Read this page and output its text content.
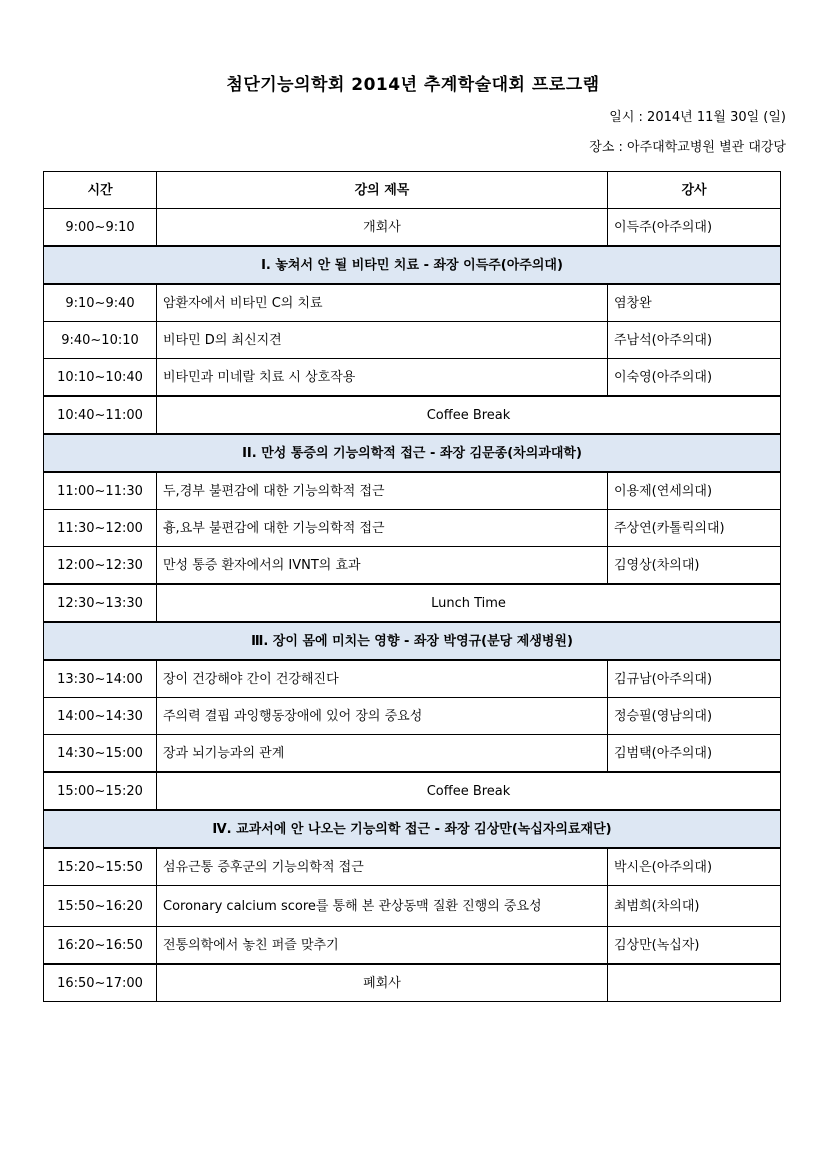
첨단기능의학회 2014년 추계학술대회 프로그램
일시 : 2014년 11월 30일 (일)
장소 : 아주대학교병원 별관 대강당
시간	강의 제목	강사
9:00~9:10	개회사	이득주(아주의대)
Ⅰ. 놓쳐서 안 될 비타민 치료 - 좌장 이득주(아주의대)		
9:10~9:40	암환자에서 비타민 C의 치료	염창완
9:40~10:10	비타민 D의 최신지견	주남석(아주의대)
10:10~10:40	비타민과 미네랄 치료 시 상호작용	이숙영(아주의대)
10:40~11:00	Coffee Break	
II. 만성 통증의 기능의학적 접근 - 좌장 김문종(차의과대학)		
11:00~11:30	두,경부 불편감에 대한 기능의학적 접근	이용제(연세의대)
11:30~12:00	흉,요부 불편감에 대한 기능의학적 접근	주상연(카톨릭의대)
12:00~12:30	만성 통증 환자에서의 IVNT의 효과	김영상(차의대)
12:30~13:30	Lunch Time	
Ⅲ. 장이 몸에 미치는 영향 - 좌장 박영규(분당 제생병원)		
13:30~14:00	장이 건강해야 간이 건강해진다	김규남(아주의대)
14:00~14:30	주의력 결핍 과잉행동장애에 있어 장의 중요성	정승필(영남의대)
14:30~15:00	장과 뇌기능과의 관계	김범택(아주의대)
15:00~15:20	Coffee Break	
Ⅳ. 교과서에 안 나오는 기능의학 접근 - 좌장 김상만(녹십자의료재단)		
15:20~15:50	섬유근통 증후군의 기능의학적 접근	박시은(아주의대)
15:50~16:20	Coronary calcium score를 통해 본 관상동맥 질환 진행의 중요성	최범희(차의대)
16:20~16:50	전통의학에서 놓친 퍼즐 맞추기	김상만(녹십자)
16:50~17:00	폐회사	
